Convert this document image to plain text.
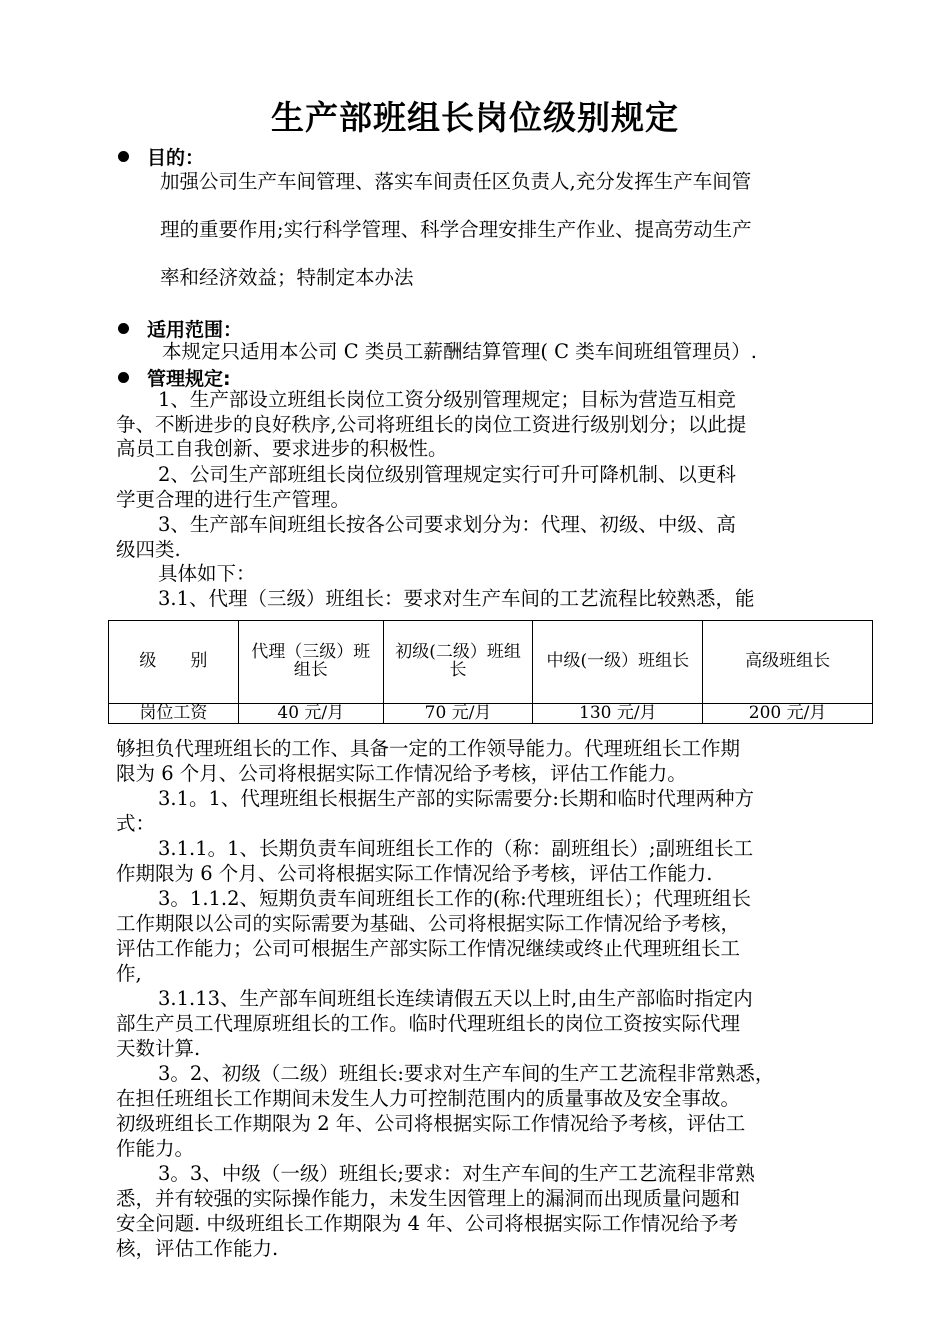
生产部班组长岗位级别规定
目的：
加强公司生产车间管理、落实车间责任区负责人,充分发挥生产车间管
理的重要作用;实行科学管理、科学合理安排生产作业、提高劳动生产
率和经济效益；特制定本办法
适用范围：
本规定只适用本公司 C 类员工薪酬结算管理( C 类车间班组管理员）.
管理规定:
1、生产部设立班组长岗位工资分级别管理规定；目标为营造互相竞
争、不断进步的良好秩序,公司将班组长的岗位工资进行级别划分；以此提
高员工自我创新、要求进步的积极性。
2、公司生产部班组长岗位级别管理规定实行可升可降机制、以更科
学更合理的进行生产管理。
3、生产部车间班组长按各公司要求划分为：代理、初级、中级、高
级四类.
具体如下：
3.1、代理（三级）班组长：要求对生产车间的工艺流程比较熟悉，能
级　　别	代理（三级）班组长	初级(二级）班组长	中级(一级）班组长	高级班组长
岗位工资	40 元/月	70 元/月	130 元/月	200 元/月
够担负代理班组长的工作、具备一定的工作领导能力。代理班组长工作期
限为 6 个月、公司将根据实际工作情况给予考核，评估工作能力。
3.1。1、代理班组长根据生产部的实际需要分:长期和临时代理两种方
式：
3.1.1。1、长期负责车间班组长工作的（称：副班组长）;副班组长工
作期限为 6 个月、公司将根据实际工作情况给予考核，评估工作能力.
3。1.1.2、短期负责车间班组长工作的(称:代理班组长）；代理班组长
工作期限以公司的实际需要为基础、公司将根据实际工作情况给予考核，
评估工作能力；公司可根据生产部实际工作情况继续或终止代理班组长工
作,
3.1.13、生产部车间班组长连续请假五天以上时,由生产部临时指定内
部生产员工代理原班组长的工作。临时代理班组长的岗位工资按实际代理
天数计算.
3。2、初级（二级）班组长:要求对生产车间的生产工艺流程非常熟悉，
在担任班组长工作期间未发生人力可控制范围内的质量事故及安全事故。
初级班组长工作期限为 2 年、公司将根据实际工作情况给予考核，评估工
作能力。
3。3、中级（一级）班组长;要求：对生产车间的生产工艺流程非常熟
悉，并有较强的实际操作能力，未发生因管理上的漏洞而出现质量问题和
安全问题. 中级班组长工作期限为 4 年、公司将根据实际工作情况给予考
核，评估工作能力.
